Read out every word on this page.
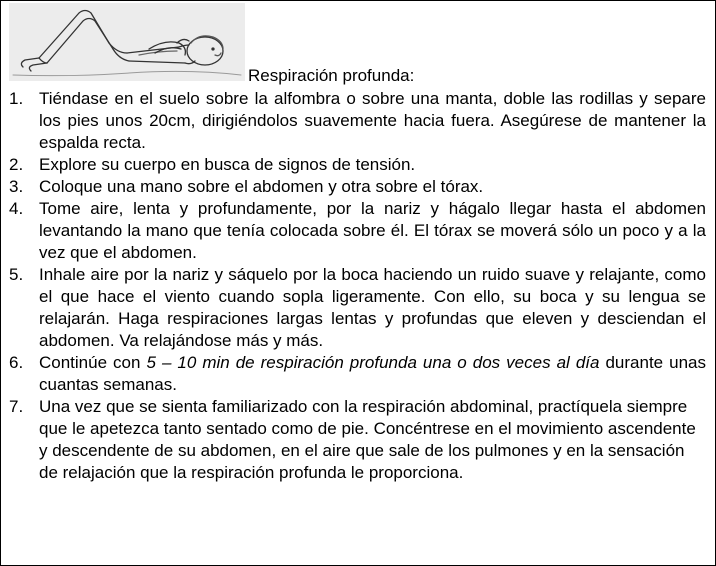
Respiración profunda:
1. Tiéndase en el suelo sobre la alfombra o sobre una manta, doble las rodillas y separe los pies unos 20cm, dirigiéndolos suavemente hacia fuera. Asegúrese de mantener la espalda recta.
2. Explore su cuerpo en busca de signos de tensión.
3. Coloque una mano sobre el abdomen y otra sobre el tórax.
4. Tome aire, lenta y profundamente, por la nariz y hágalo llegar hasta el abdomen levantando la mano que tenía colocada sobre él. El tórax se moverá sólo un poco y a la vez que el abdomen.
5. Inhale aire por la nariz y sáquelo por la boca haciendo un ruido suave y relajante, como el que hace el viento cuando sopla ligeramente. Con ello, su boca y su lengua se relajarán. Haga respiraciones largas lentas y profundas que eleven y desciendan el abdomen. Va relajándose más y más.
6. Continúe con 5 – 10 min de respiración profunda una o dos veces al día durante unas cuantas semanas.
7. Una vez que se sienta familiarizado con la respiración abdominal, practíquela siempre que le apetezca tanto sentado como de pie. Concéntrese en el movimiento ascendente y descendente de su abdomen, en el aire que sale de los pulmones y en la sensación de relajación que la respiración profunda le proporciona.
